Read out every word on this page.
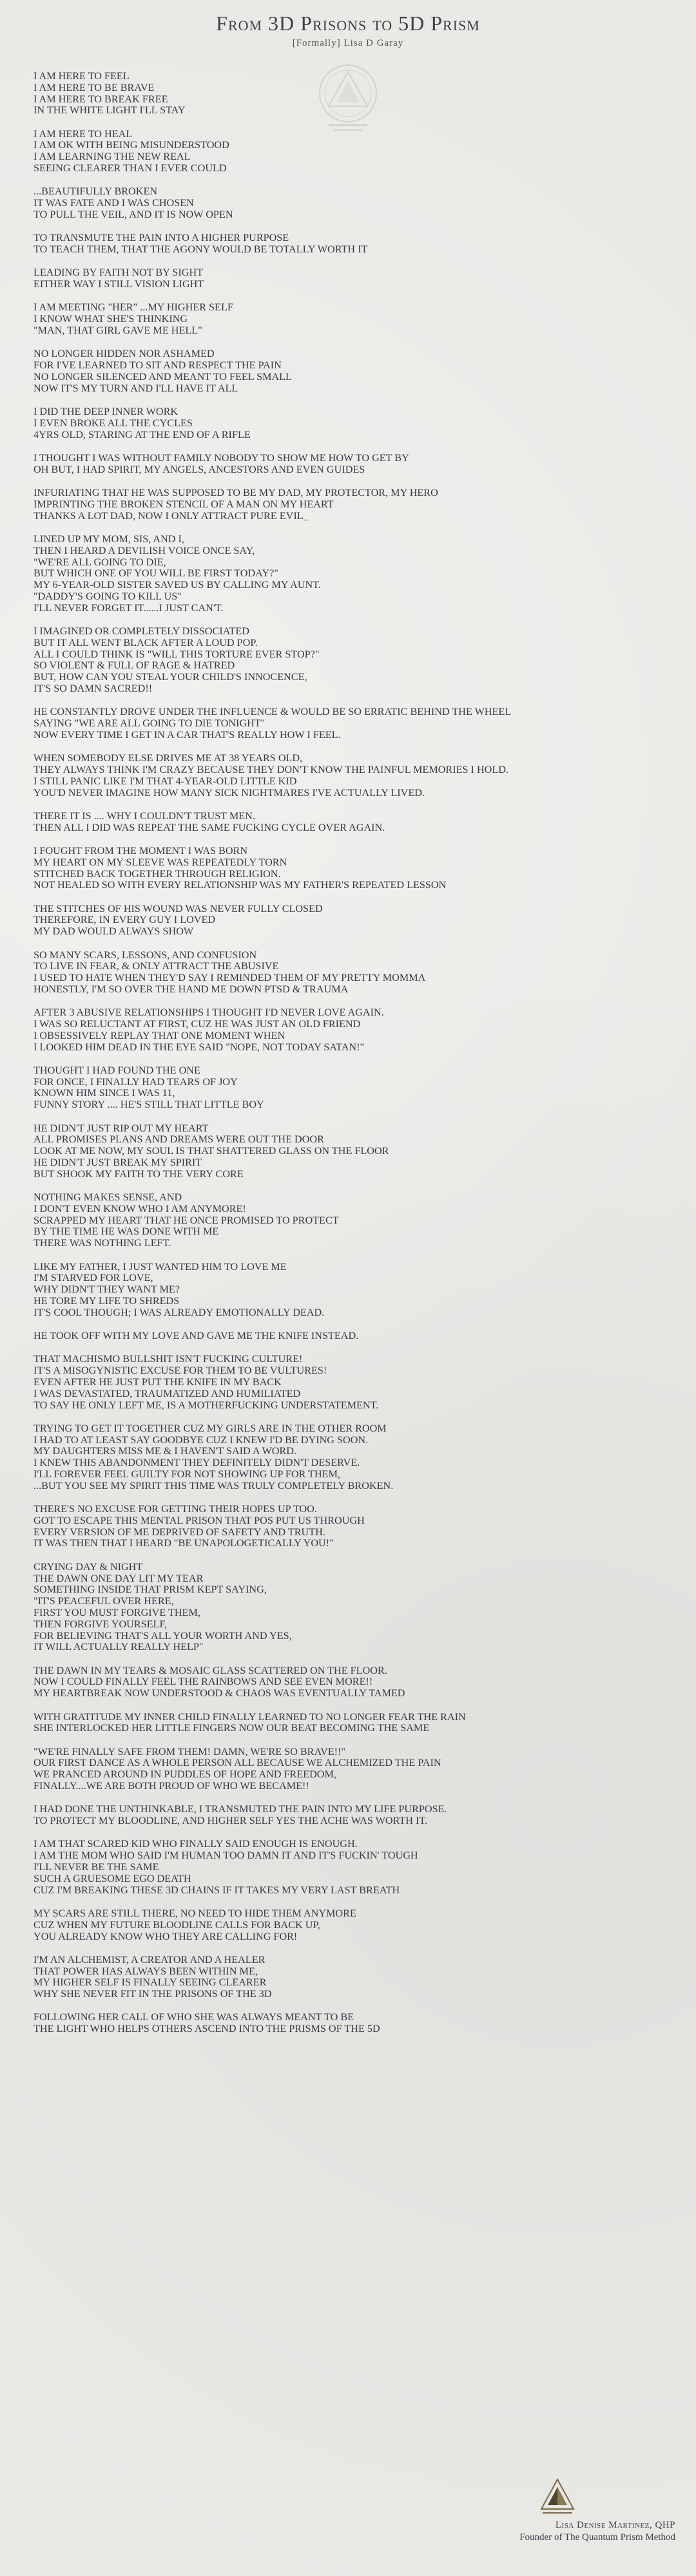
From 3D Prisons to 5D Prism
[Formally] Lisa D Garay
I AM HERE TO FEEL
I AM HERE TO BE BRAVE
I AM HERE TO BREAK FREE
IN THE WHITE LIGHT I'LL STAY
I AM HERE TO HEAL
I AM OK WITH BEING MISUNDERSTOOD
I AM LEARNING THE NEW REAL
SEEING CLEARER THAN I EVER COULD
...BEAUTIFULLY BROKEN
IT WAS FATE AND I WAS CHOSEN
TO PULL THE VEIL, AND IT IS NOW OPEN
TO TRANSMUTE THE PAIN INTO A HIGHER PURPOSE
TO TEACH THEM, THAT THE AGONY WOULD BE TOTALLY WORTH IT
LEADING BY FAITH NOT BY SIGHT
EITHER WAY I STILL VISION LIGHT
I AM MEETING "HER" ...MY HIGHER SELF
I KNOW WHAT SHE'S THINKING
"MAN, THAT GIRL GAVE ME HELL"
NO LONGER HIDDEN NOR ASHAMED
FOR I'VE LEARNED TO SIT AND RESPECT THE PAIN
NO LONGER SILENCED AND MEANT TO FEEL SMALL
NOW IT'S MY TURN AND I'LL HAVE IT ALL
I DID THE DEEP INNER WORK
I EVEN BROKE ALL THE CYCLES
4YRS OLD, STARING AT THE END OF A RIFLE
I THOUGHT I WAS WITHOUT FAMILY NOBODY TO SHOW ME HOW TO GET BY
OH BUT, I HAD SPIRIT, MY ANGELS, ANCESTORS AND EVEN GUIDES
INFURIATING THAT HE WAS SUPPOSED TO BE MY DAD, MY PROTECTOR, MY HERO
IMPRINTING THE BROKEN STENCIL OF A MAN ON MY HEART
THANKS A LOT DAD, NOW I ONLY ATTRACT PURE EVIL_
LINED UP MY MOM, SIS, AND I,
THEN I HEARD A DEVILISH VOICE ONCE SAY,
"WE'RE ALL GOING TO DIE,
BUT WHICH ONE OF YOU WILL BE FIRST TODAY?"
MY 6-YEAR-OLD SISTER SAVED US BY CALLING MY AUNT.
"DADDY'S GOING TO KILL US"
I'LL NEVER FORGET IT......I JUST CAN'T.
I IMAGINED OR COMPLETELY DISSOCIATED
BUT IT ALL WENT BLACK AFTER A LOUD POP.
ALL I COULD THINK IS "WILL THIS TORTURE EVER STOP?"
SO VIOLENT & FULL OF RAGE & HATRED
BUT, HOW CAN YOU STEAL YOUR CHILD'S INNOCENCE,
IT'S SO DAMN SACRED!!
HE CONSTANTLY DROVE UNDER THE INFLUENCE & WOULD BE SO ERRATIC BEHIND THE WHEEL
SAYING "WE ARE ALL GOING TO DIE TONIGHT"
NOW EVERY TIME I GET IN A CAR THAT'S REALLY HOW I FEEL.
WHEN SOMEBODY ELSE DRIVES ME AT 38 YEARS OLD,
THEY ALWAYS THINK I'M CRAZY BECAUSE THEY DON'T KNOW THE PAINFUL MEMORIES I HOLD.
I STILL PANIC LIKE I'M THAT 4-YEAR-OLD LITTLE KID
YOU'D NEVER IMAGINE HOW MANY SICK NIGHTMARES I'VE ACTUALLY LIVED.
THERE IT IS .... WHY I COULDN'T TRUST MEN.
THEN ALL I DID WAS REPEAT THE SAME FUCKING CYCLE OVER AGAIN.
I FOUGHT FROM THE MOMENT I WAS BORN
MY HEART ON MY SLEEVE WAS REPEATEDLY TORN
STITCHED BACK TOGETHER THROUGH RELIGION.
NOT HEALED SO WITH EVERY RELATIONSHIP WAS MY FATHER'S REPEATED LESSON
THE STITCHES OF HIS WOUND WAS NEVER FULLY CLOSED
THEREFORE, IN EVERY GUY I LOVED
MY DAD WOULD ALWAYS SHOW
SO MANY SCARS, LESSONS, AND CONFUSION
TO LIVE IN FEAR, & ONLY ATTRACT THE ABUSIVE
I USED TO HATE WHEN THEY'D SAY I REMINDED THEM OF MY PRETTY MOMMA
HONESTLY, I'M SO OVER THE HAND ME DOWN PTSD & TRAUMA
AFTER 3 ABUSIVE RELATIONSHIPS I THOUGHT I'D NEVER LOVE AGAIN.
I WAS SO RELUCTANT AT FIRST, CUZ HE WAS JUST AN OLD FRIEND
I OBSESSIVELY REPLAY THAT ONE MOMENT WHEN
I LOOKED HIM DEAD IN THE EYE SAID "NOPE, NOT TODAY SATAN!"
THOUGHT I HAD FOUND THE ONE
FOR ONCE, I FINALLY HAD TEARS OF JOY
KNOWN HIM SINCE I WAS 11,
FUNNY STORY .... HE'S STILL THAT LITTLE BOY
HE DIDN'T JUST RIP OUT MY HEART
ALL PROMISES PLANS AND DREAMS WERE OUT THE DOOR
LOOK AT ME NOW, MY SOUL IS THAT SHATTERED GLASS ON THE FLOOR
HE DIDN'T JUST BREAK MY SPIRIT
BUT SHOOK MY FAITH TO THE VERY CORE
NOTHING MAKES SENSE, AND
I DON'T EVEN KNOW WHO I AM ANYMORE!
SCRAPPED MY HEART THAT HE ONCE PROMISED TO PROTECT
BY THE TIME HE WAS DONE WITH ME
THERE WAS NOTHING LEFT.
LIKE MY FATHER, I JUST WANTED HIM TO LOVE ME
I'M STARVED FOR LOVE,
WHY DIDN'T THEY WANT ME?
HE TORE MY LIFE TO SHREDS
IT'S COOL THOUGH; I WAS ALREADY EMOTIONALLY DEAD.
HE TOOK OFF WITH MY LOVE AND GAVE ME THE KNIFE INSTEAD.
THAT MACHISMO BULLSHIT ISN'T FUCKING CULTURE!
IT'S A MISOGYNISTIC EXCUSE FOR THEM TO BE VULTURES!
EVEN AFTER HE JUST PUT THE KNIFE IN MY BACK
I WAS DEVASTATED, TRAUMATIZED AND HUMILIATED
TO SAY HE ONLY LEFT ME, IS A MOTHERFUCKING UNDERSTATEMENT.
TRYING TO GET IT TOGETHER CUZ MY GIRLS ARE IN THE OTHER ROOM
I HAD TO AT LEAST SAY GOODBYE CUZ I KNEW I'D BE DYING SOON.
MY DAUGHTERS MISS ME & I HAVEN'T SAID A WORD.
I KNEW THIS ABANDONMENT THEY DEFINITELY DIDN'T DESERVE.
I'LL FOREVER FEEL GUILTY FOR NOT SHOWING UP FOR THEM,
...BUT YOU SEE MY SPIRIT THIS TIME WAS TRULY COMPLETELY BROKEN.
THERE'S NO EXCUSE FOR GETTING THEIR HOPES UP TOO.
GOT TO ESCAPE THIS MENTAL PRISON THAT POS PUT US THROUGH
EVERY VERSION OF ME DEPRIVED OF SAFETY AND TRUTH.
IT WAS THEN THAT I HEARD "BE UNAPOLOGETICALLY YOU!"
CRYING DAY & NIGHT
THE DAWN ONE DAY LIT MY TEAR
SOMETHING INSIDE THAT PRISM KEPT SAYING,
"IT'S PEACEFUL OVER HERE,
FIRST YOU MUST FORGIVE THEM,
THEN FORGIVE YOURSELF,
FOR BELIEVING THAT'S ALL YOUR WORTH AND YES,
IT WILL ACTUALLY REALLY HELP"
THE DAWN IN MY TEARS & MOSAIC GLASS SCATTERED ON THE FLOOR.
NOW I COULD FINALLY FEEL THE RAINBOWS AND SEE EVEN MORE!!
MY HEARTBREAK NOW UNDERSTOOD & CHAOS WAS EVENTUALLY TAMED
WITH GRATITUDE MY INNER CHILD FINALLY LEARNED TO NO LONGER FEAR THE RAIN
SHE INTERLOCKED HER LITTLE FINGERS NOW OUR BEAT BECOMING THE SAME
"WE'RE FINALLY SAFE FROM THEM! DAMN, WE'RE SO BRAVE!!"
OUR FIRST DANCE AS A WHOLE PERSON ALL BECAUSE WE ALCHEMIZED THE PAIN
WE PRANCED AROUND IN PUDDLES OF HOPE AND FREEDOM,
FINALLY....WE ARE BOTH PROUD OF WHO WE BECAME!!
I HAD DONE THE UNTHINKABLE, I TRANSMUTED THE PAIN INTO MY LIFE PURPOSE.
TO PROTECT MY BLOODLINE, AND HIGHER SELF YES THE ACHE WAS WORTH IT.
I AM THAT SCARED KID WHO FINALLY SAID ENOUGH IS ENOUGH.
I AM THE MOM WHO SAID I'M HUMAN TOO DAMN IT AND IT'S FUCKIN' TOUGH
I'LL NEVER BE THE SAME
SUCH A GRUESOME EGO DEATH
CUZ I'M BREAKING THESE 3D CHAINS IF IT TAKES MY VERY LAST BREATH
MY SCARS ARE STILL THERE, NO NEED TO HIDE THEM ANYMORE
CUZ WHEN MY FUTURE BLOODLINE CALLS FOR BACK UP,
YOU ALREADY KNOW WHO THEY ARE CALLING FOR!
I'M AN ALCHEMIST, A CREATOR AND A HEALER
THAT POWER HAS ALWAYS BEEN WITHIN ME,
MY HIGHER SELF IS FINALLY SEEING CLEARER
WHY SHE NEVER FIT IN THE PRISONS OF THE 3D
FOLLOWING HER CALL OF WHO SHE WAS ALWAYS MEANT TO BE
THE LIGHT WHO HELPS OTHERS ASCEND INTO THE PRISMS OF THE 5D
Lisa Denise Martinez, QHP
Founder of The Quantum Prism Method
